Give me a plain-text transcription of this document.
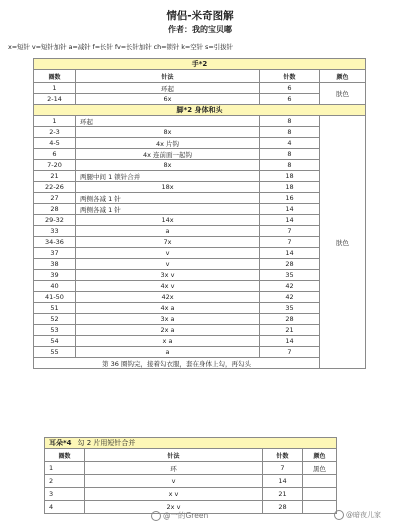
情侣-米奇图解
作者：我的宝贝嘟
x=短针 v=短针加针 a=减针 f=长针 fv=长针加针 ch=锁针 k=空针 s=引拔针
手*2			
圈数	针法	针数	颜色
1	环起	6	肤色
2-14	6x	6	
脚*2 身体和头			
1	环起	8	肤色
2-3	8x	8	
4-5	4x 片钩	4	
6	4x 连前面一起钩	8	
7-20	8x	8	
21	两腿中间 1 锁针合并	18	
22-26	18x	18	
27	两侧各减 1 针	16	
28	两侧各减 1 针	14	
29-32	14x	14	
33	a	7	
34-36	7x	7	
37	v	14	
38	v	28	
39	3x v	35	
40	4x v	42	
41-50	42x	42	
51	4x a	35	
52	3x a	28	
53	2x a	21	
54	x a	14	
55	a	7	
第 36 圈钩完，接着勾衣服，套在身体上勾，再勾头			
耳朵*4 勾 2 片用短针合并			
圈数	针法	针数	颜色
1	环	7	黑色
2	v	14	
3	x v	21	
4	2x v	28	
@一的Green	@暗夜儿家
